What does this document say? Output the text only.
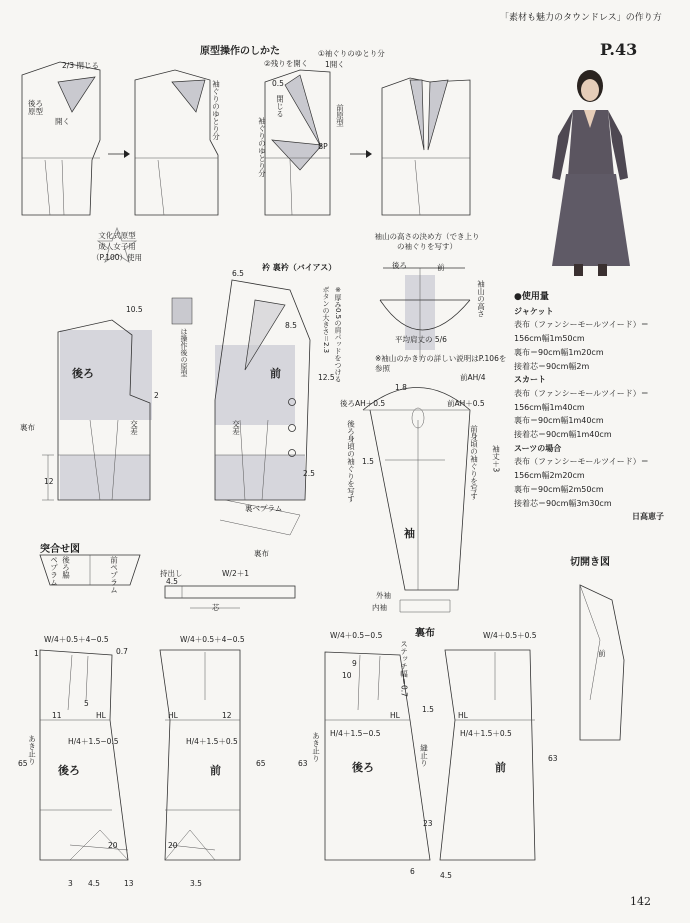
「素材も魅力のタウンドレス」の作り方
P.43
原型操作のしかた
衿 裏衿（バイアス）
突合せ図
裏布
切開き図
文化式原型
成人女子用
（P.100）使用
2/3 閉じる
後ろ原型
開く	袖ぐりのゆとり分
①袖ぐりのゆとり分
1開く
②残りを開く
前原型
BP
閉じる
袖ぐりのゆとり分
0.5
袖山の高さの決め方（でき上りの袖ぐりを写す）
後ろ	前
袖山の高さ
平均肩丈の 5/6
※袖山のかき方の詳しい説明はP.106を参照
は操作後の原型	ボタンの大きさ＝2.3 ※厚み0.5の肩パッドをつける
後ろ	前
交差	交差
10.5
6.5
8.5
12.5
2.5
裏ベプラム
裏布
裏布
12
2
後ろAH＋0.5
前AH/4
前AH＋0.5
1.8
後ろ身頃の袖ぐりを写す	前身頃の袖ぐりを写す
袖
袖丈＋3
外袖
内袖
1.5
後ろ脇
ペプラム	前ペプラム	持出し	W/2＋1
4.5
芯
W/4＋0.5＋4−0.5	W/4＋0.5＋4−0.5	W/4＋0.5−0.5	W/4＋0.5＋0.5
HL	HL	HL	HL
H/4＋1.5−0.5	H/4＋1.5＋0.5
H/4＋1.5−0.5	H/4＋1.5＋0.5
あき止り	あき止り
後ろ	前	後ろ	前
ステッチ幅＝0.7
縫止り
65	65	63
63
11	12
5
9
10
20	20
23
13
4.5	3.5
6	4.5
1
3
0.7
1.5
前
●使用量
ジャケット
表布（ファンシーモールツイード）＝156cm幅1m50cm
裏布＝90cm幅1m20cm
接着芯＝90cm幅2m
スカート
表布（ファンシーモールツイード）＝156cm幅1m40cm
裏布＝90cm幅1m40cm
接着芯＝90cm幅1m40cm
スーツの場合
表布（ファンシーモールツイード）＝156cm幅2m20cm
裏布＝90cm幅2m50cm
接着芯＝90cm幅3m30cm
日高恵子
142
